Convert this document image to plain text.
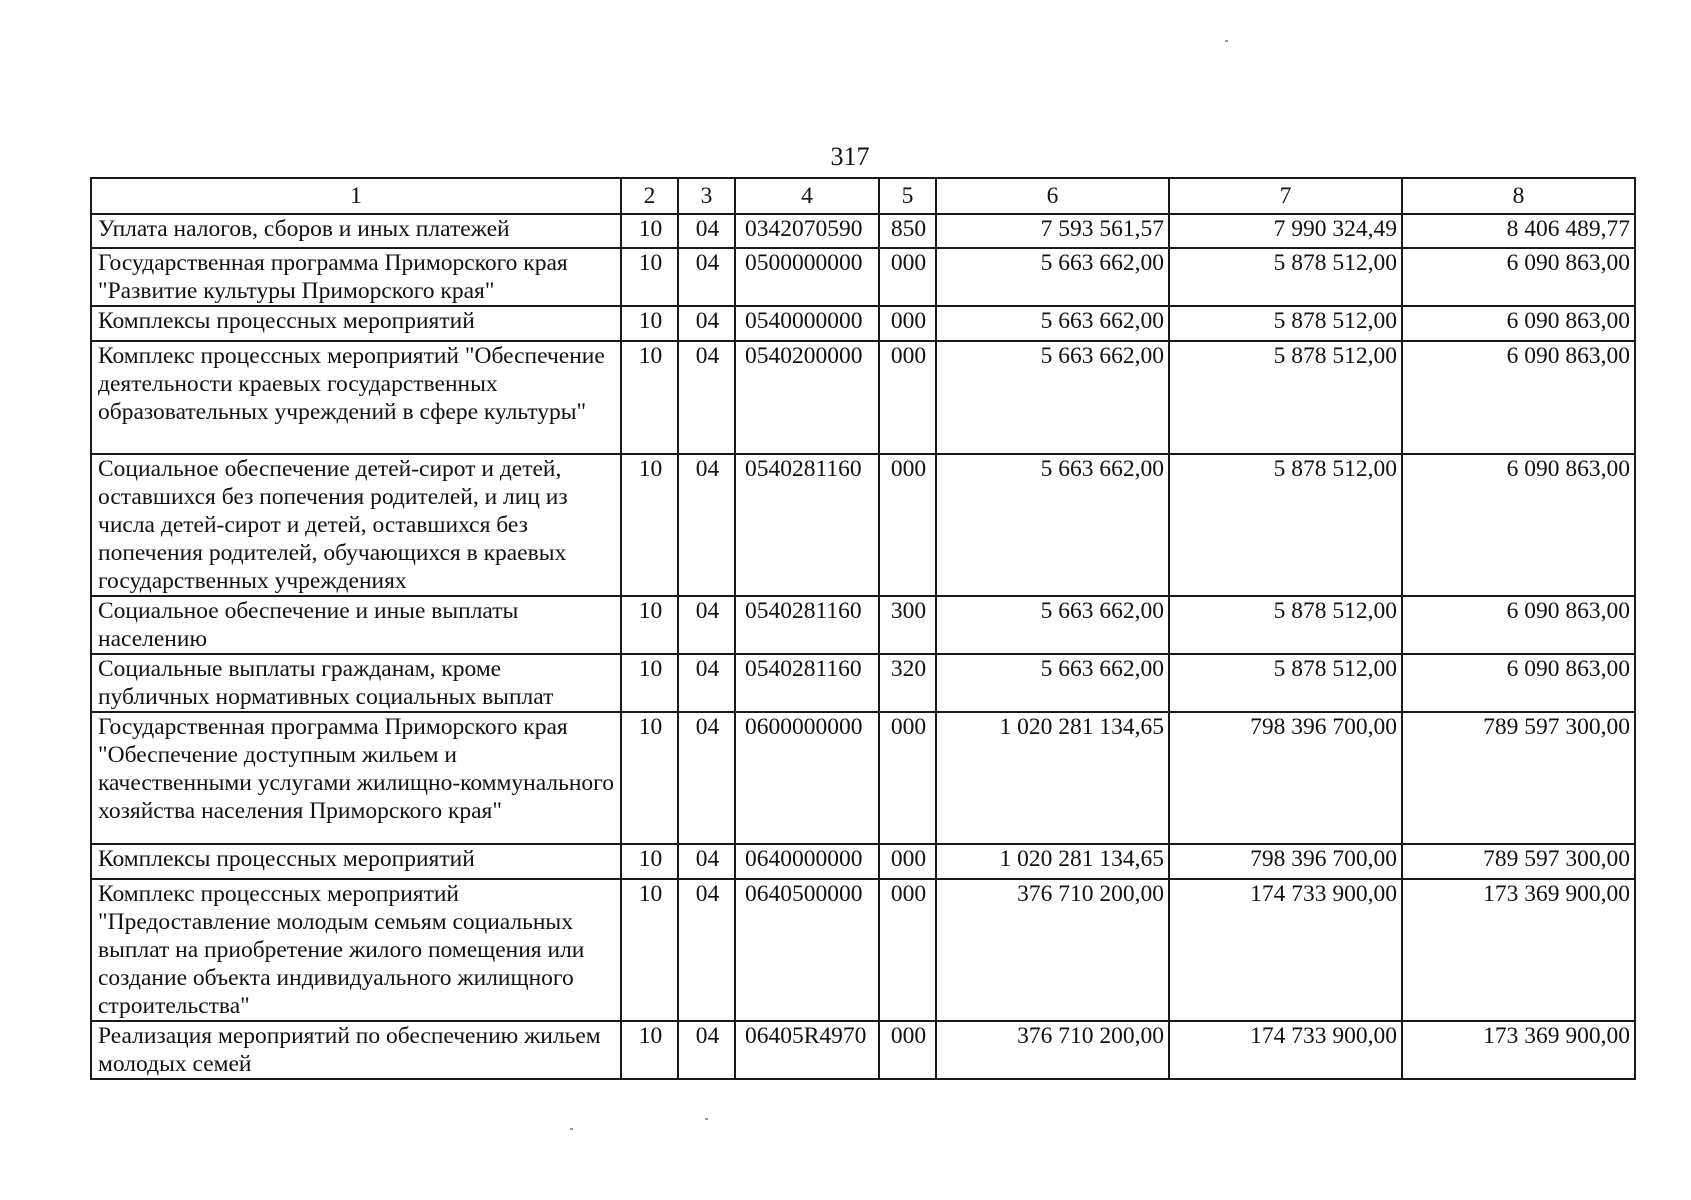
317
1	2	3	4	5	6	7	8
Уплата налогов, сборов и иных платежей	10	04	0342070590	850	7 593 561,57	7 990 324,49	8 406 489,77
Государственная программа Приморского края "Развитие культуры Приморского края"	10	04	0500000000	000	5 663 662,00	5 878 512,00	6 090 863,00
Комплексы процессных мероприятий	10	04	0540000000	000	5 663 662,00	5 878 512,00	6 090 863,00
Комплекс процессных мероприятий "Обеспечение деятельности краевых государственных образовательных учреждений в сфере культуры"	10	04	0540200000	000	5 663 662,00	5 878 512,00	6 090 863,00
Социальное обеспечение детей-сирот и детей, оставшихся без попечения родителей, и лиц из числа детей-сирот и детей, оставшихся без попечения родителей, обучающихся в краевых государственных учреждениях	10	04	0540281160	000	5 663 662,00	5 878 512,00	6 090 863,00
Социальное обеспечение и иные выплаты населению	10	04	0540281160	300	5 663 662,00	5 878 512,00	6 090 863,00
Социальные выплаты гражданам, кроме публичных нормативных социальных выплат	10	04	0540281160	320	5 663 662,00	5 878 512,00	6 090 863,00
Государственная программа Приморского края "Обеспечение доступным жильем и качественными услугами жилищно-коммунального хозяйства населения Приморского края"	10	04	0600000000	000	1 020 281 134,65	798 396 700,00	789 597 300,00
Комплексы процессных мероприятий	10	04	0640000000	000	1 020 281 134,65	798 396 700,00	789 597 300,00
Комплекс процессных мероприятий "Предоставление молодым семьям социальных выплат на приобретение жилого помещения или создание объекта индивидуального жилищного строительства"	10	04	0640500000	000	376 710 200,00	174 733 900,00	173 369 900,00
Реализация мероприятий по обеспечению жильем молодых семей	10	04	06405R4970	000	376 710 200,00	174 733 900,00	173 369 900,00
